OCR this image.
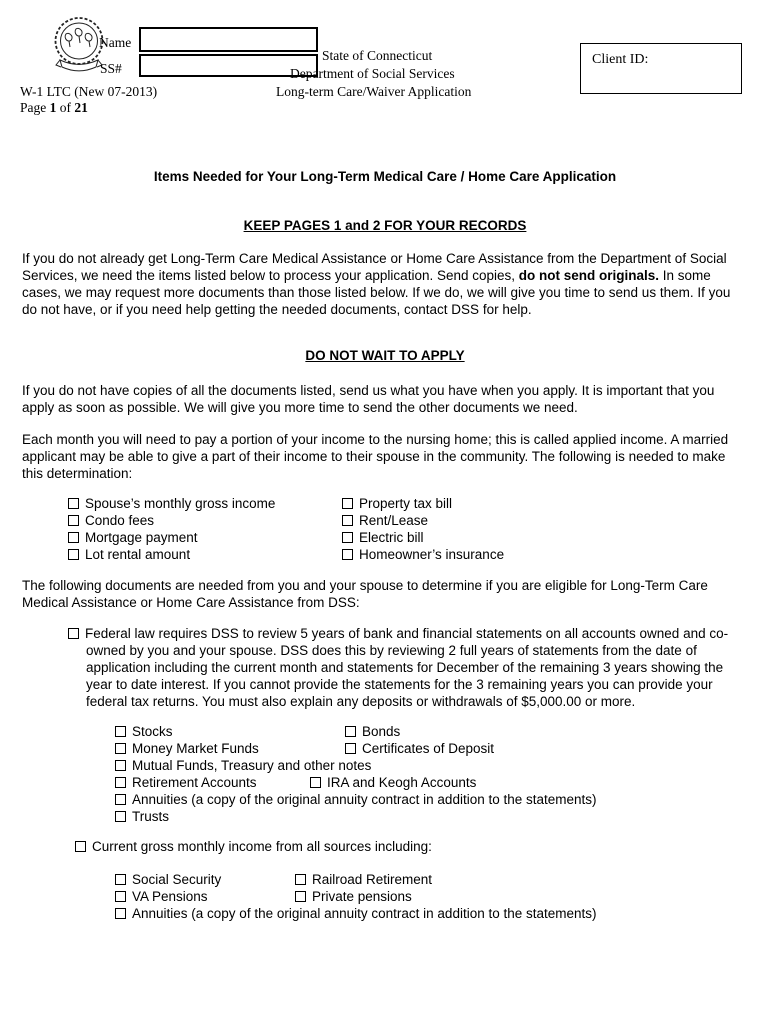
Name
SS#
State of Connecticut
Department of Social Services
W-1 LTC (New 07-2013)	Long-term Care/Waiver Application
Client ID:
Page 1 of 21
Items Needed for Your Long-Term Medical Care / Home Care Application
KEEP PAGES 1 and 2 FOR YOUR RECORDS

If you do not already get Long-Term Care Medical Assistance or Home Care Assistance from the Department of Social Services, we need the items listed below to process your application. Send copies, do not send originals. In some cases, we may request more documents than those listed below. If we do, we will give you time to send us them. If you do not have, or if you need help getting the needed documents, contact DSS for help.

DO NOT WAIT TO APPLY

If you do not have copies of all the documents listed, send us what you have when you apply. It is important that you apply as soon as possible. We will give you more time to send the other documents we need.

Each month you will need to pay a portion of your income to the nursing home; this is called applied income. A married applicant may be able to give a part of their income to their spouse in the community. The following is needed to make this determination:

Spouse’s monthly gross income	Property tax bill
Condo fees	Rent/Lease
Mortgage payment	Electric bill
Lot rental amount	Homeowner’s insurance

The following documents are needed from you and your spouse to determine if you are eligible for Long-Term Care Medical Assistance or Home Care Assistance from DSS:

Federal law requires DSS to review 5 years of bank and financial statements on all accounts owned and co-owned by you and your spouse. DSS does this by reviewing 2 full years of statements from the date of application including the current month and statements for December of the remaining 3 years showing the year to date interest. If you cannot provide the statements for the 3 remaining years you can provide your federal tax returns. You must also explain any deposits or withdrawals of $5,000.00 or more.
Stocks	Bonds
Money Market Funds	Certificates of Deposit
Mutual Funds, Treasury and other notes
Retirement Accounts	IRA and Keogh Accounts
Annuities (a copy of the original annuity contract in addition to the statements)
Trusts
Current gross monthly income from all sources including:
Social Security	Railroad Retirement
VA Pensions	Private pensions
Annuities (a copy of the original annuity contract in addition to the statements)
